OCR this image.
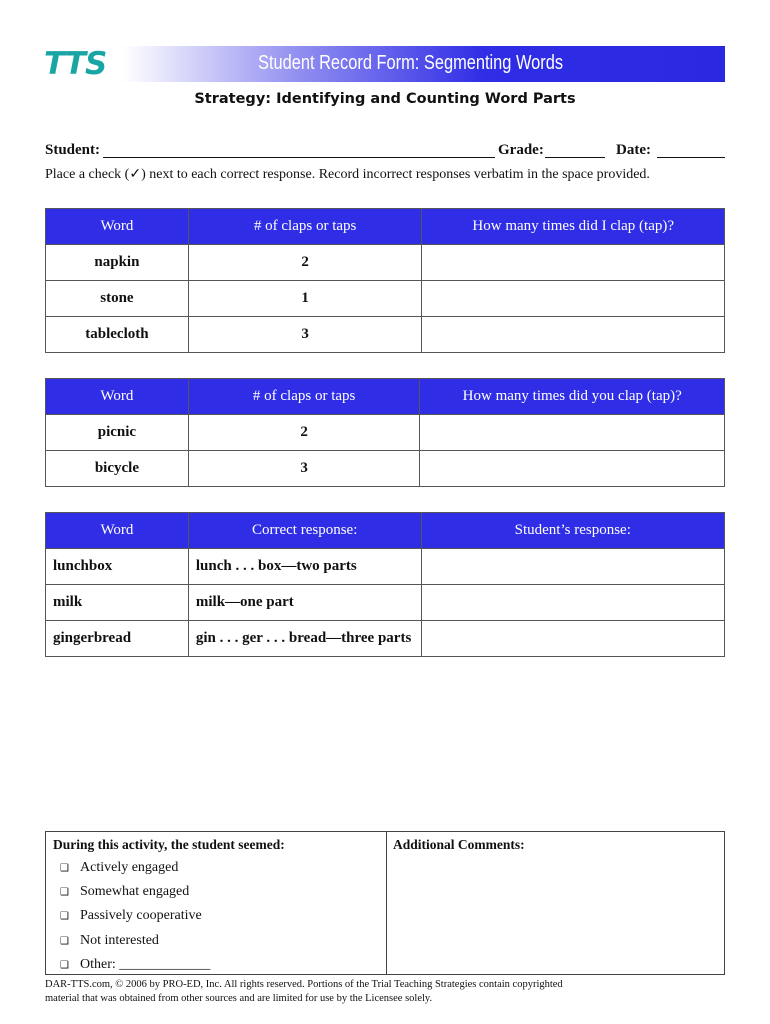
TTS	Student Record Form: Segmenting Words
Strategy: Identifying and Counting Word Parts
Student:	Grade:	Date:
Place a check (✓) next to each correct response. Record incorrect responses verbatim in the space provided.
Word	# of claps or taps	How many times did I clap (tap)?
napkin	2	
stone	1	
tablecloth	3	
Word	# of claps or taps	How many times did you clap (tap)?
picnic	2	
bicycle	3	
Word	Correct response:	Student’s response:
lunchbox	lunch . . . box—two parts	
milk	milk—one part	
gingerbread	gin . . . ger . . . bread—three parts	
During this activity, the student seemed:	Additional Comments:
❑ Actively engaged
❑ Somewhat engaged
❑ Passively cooperative
❑ Not interested
❑ Other: _____________
DAR-TTS.com, © 2006 by PRO-ED, Inc. All rights reserved. Portions of the Trial Teaching Strategies contain copyrighted
material that was obtained from other sources and are limited for use by the Licensee solely.
